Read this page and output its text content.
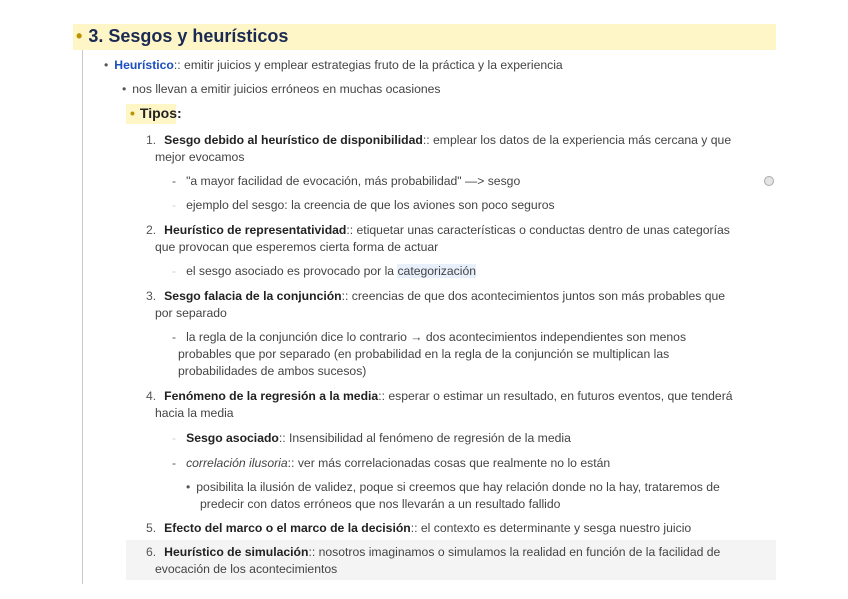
• 3. Sesgos y heurísticos
• Heurístico:: emitir juicios y emplear estrategias fruto de la práctica y la experiencia
• nos llevan a emitir juicios erróneos en muchas ocasiones
• Tipos:
1. Sesgo debido al heurístico de disponibilidad:: emplear los datos de la experiencia más cercana y que
mejor evocamos
- "a mayor facilidad de evocación, más probabilidad" —> sesgo
- ejemplo del sesgo: la creencia de que los aviones son poco seguros
2. Heurístico de representatividad:: etiquetar unas características o conductas dentro de unas categorías
que provocan que esperemos cierta forma de actuar
- el sesgo asociado es provocado por la categorización
3. Sesgo falacia de la conjunción:: creencias de que dos acontecimientos juntos son más probables que
por separado
- la regla de la conjunción dice lo contrario → dos acontecimientos independientes son menos
probables que por separado (en probabilidad en la regla de la conjunción se multiplican las
probabilidades de ambos sucesos)
4. Fenómeno de la regresión a la media:: esperar o estimar un resultado, en futuros eventos, que tenderá
hacia la media
- Sesgo asociado:: Insensibilidad al fenómeno de regresión de la media
- correlación ilusoria:: ver más correlacionadas cosas que realmente no lo están
• posibilita la ilusión de validez, poque si creemos que hay relación donde no la hay, trataremos de
predecir con datos erróneos que nos llevarán a un resultado fallido
5. Efecto del marco o el marco de la decisión:: el contexto es determinante y sesga nuestro juicio
6. Heurístico de simulación:: nosotros imaginamos o simulamos la realidad en función de la facilidad de
evocación de los acontecimientos
